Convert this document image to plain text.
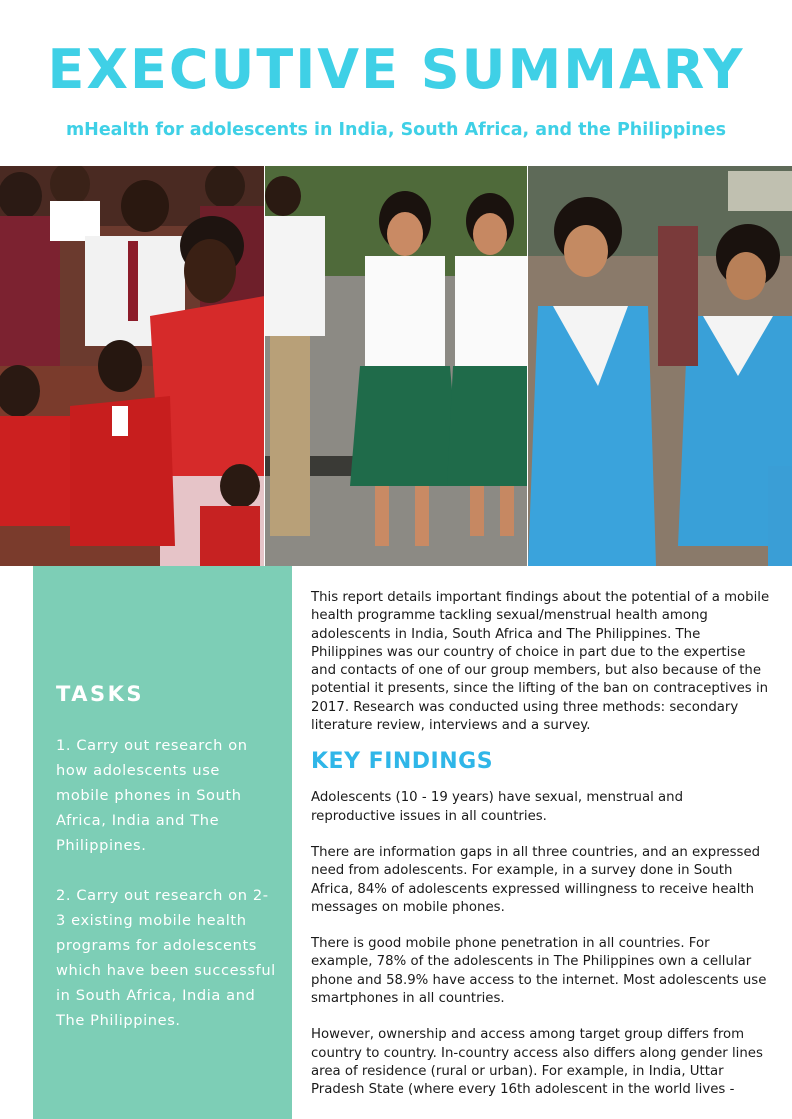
EXECUTIVE SUMMARY

mHealth for adolescents in India, South Africa, and the Philippines

TASKS

1. Carry out research on how adolescents use mobile phones in South Africa, India and The Philippines.

2. Carry out research on 2-3 existing mobile health programs for adolescents which have been successful in South Africa, India and The Philippines.

This report details important findings about the potential of a mobile health programme tackling sexual/menstrual health among adolescents in India, South Africa and The Philippines. The Philippines was our country of choice in part due to the expertise and contacts of one of our group members, but also because of the potential it presents, since the lifting of the ban on contraceptives in 2017. Research was conducted using three methods: secondary literature review, interviews and a survey.

KEY FINDINGS

Adolescents (10 - 19 years) have sexual, menstrual and reproductive issues in all countries.

There are information gaps in all three countries, and an expressed need from adolescents. For example, in a survey done in South Africa, 84% of adolescents expressed willingness to receive health messages on mobile phones.

There is good mobile phone penetration in all countries. For example, 78% of the adolescents in The Philippines own a cellular phone and 58.9% have access to the internet. Most adolescents use smartphones in all countries.

However, ownership and access among target group differs from country to country. In-country access also differs along gender lines area of residence (rural or urban). For example, in India, Uttar Pradesh State (where every 16th adolescent in the world lives -
